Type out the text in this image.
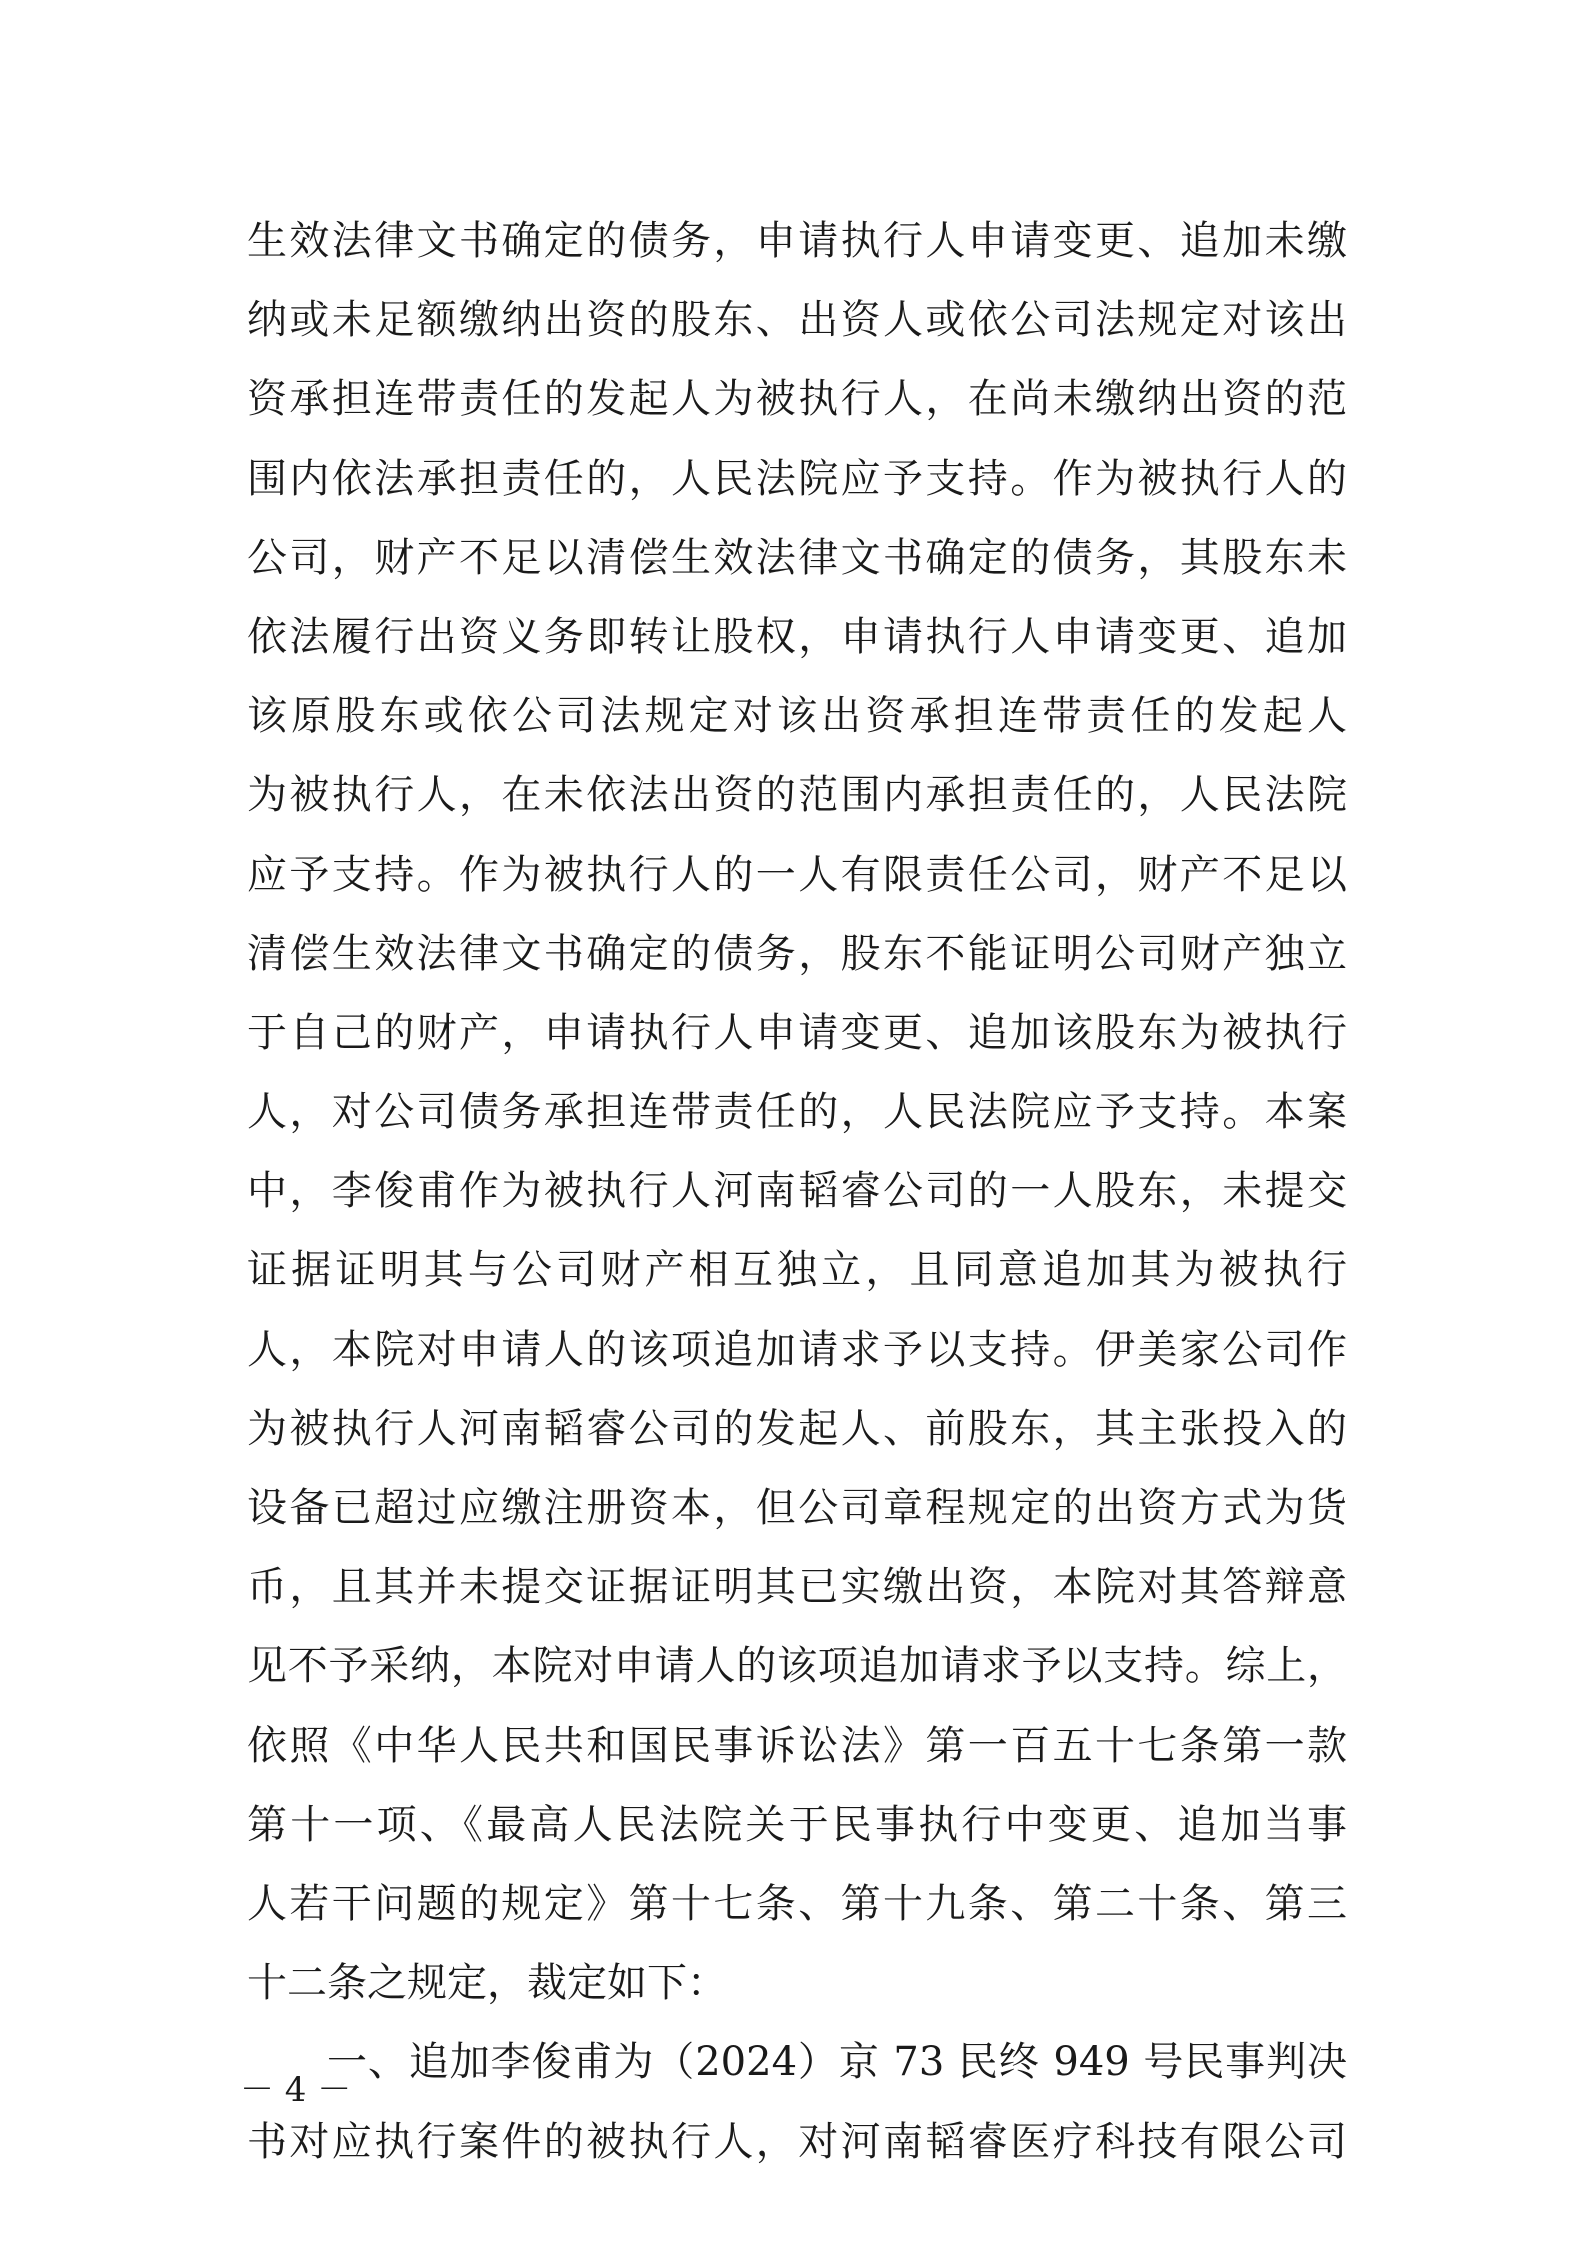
生效法律文书确定的债务，申请执行人申请变更、追加未缴
纳或未足额缴纳出资的股东、出资人或依公司法规定对该出
资承担连带责任的发起人为被执行人，在尚未缴纳出资的范
围内依法承担责任的，人民法院应予支持。作为被执行人的
公司，财产不足以清偿生效法律文书确定的债务，其股东未
依法履行出资义务即转让股权，申请执行人申请变更、追加
该原股东或依公司法规定对该出资承担连带责任的发起人
为被执行人，在未依法出资的范围内承担责任的，人民法院
应予支持。作为被执行人的一人有限责任公司，财产不足以
清偿生效法律文书确定的债务，股东不能证明公司财产独立
于自己的财产，申请执行人申请变更、追加该股东为被执行
人，对公司债务承担连带责任的，人民法院应予支持。本案
中，李俊甫作为被执行人河南韬睿公司的一人股东，未提交
证据证明其与公司财产相互独立，且同意追加其为被执行
人，本院对申请人的该项追加请求予以支持。伊美家公司作
为被执行人河南韬睿公司的发起人、前股东，其主张投入的
设备已超过应缴注册资本，但公司章程规定的出资方式为货
币，且其并未提交证据证明其已实缴出资，本院对其答辩意
见不予采纳，本院对申请人的该项追加请求予以支持。综上，
依照《中华人民共和国民事诉讼法》第一百五十七条第一款
第十一项、《最高人民法院关于民事执行中变更、追加当事
人若干问题的规定》第十七条、第十九条、第二十条、第三
十二条之规定，裁定如下：
一、追加李俊甫为（2024）京 73 民终 949 号民事判决
书对应执行案件的被执行人，对河南韬睿医疗科技有限公司
－ 4 －
